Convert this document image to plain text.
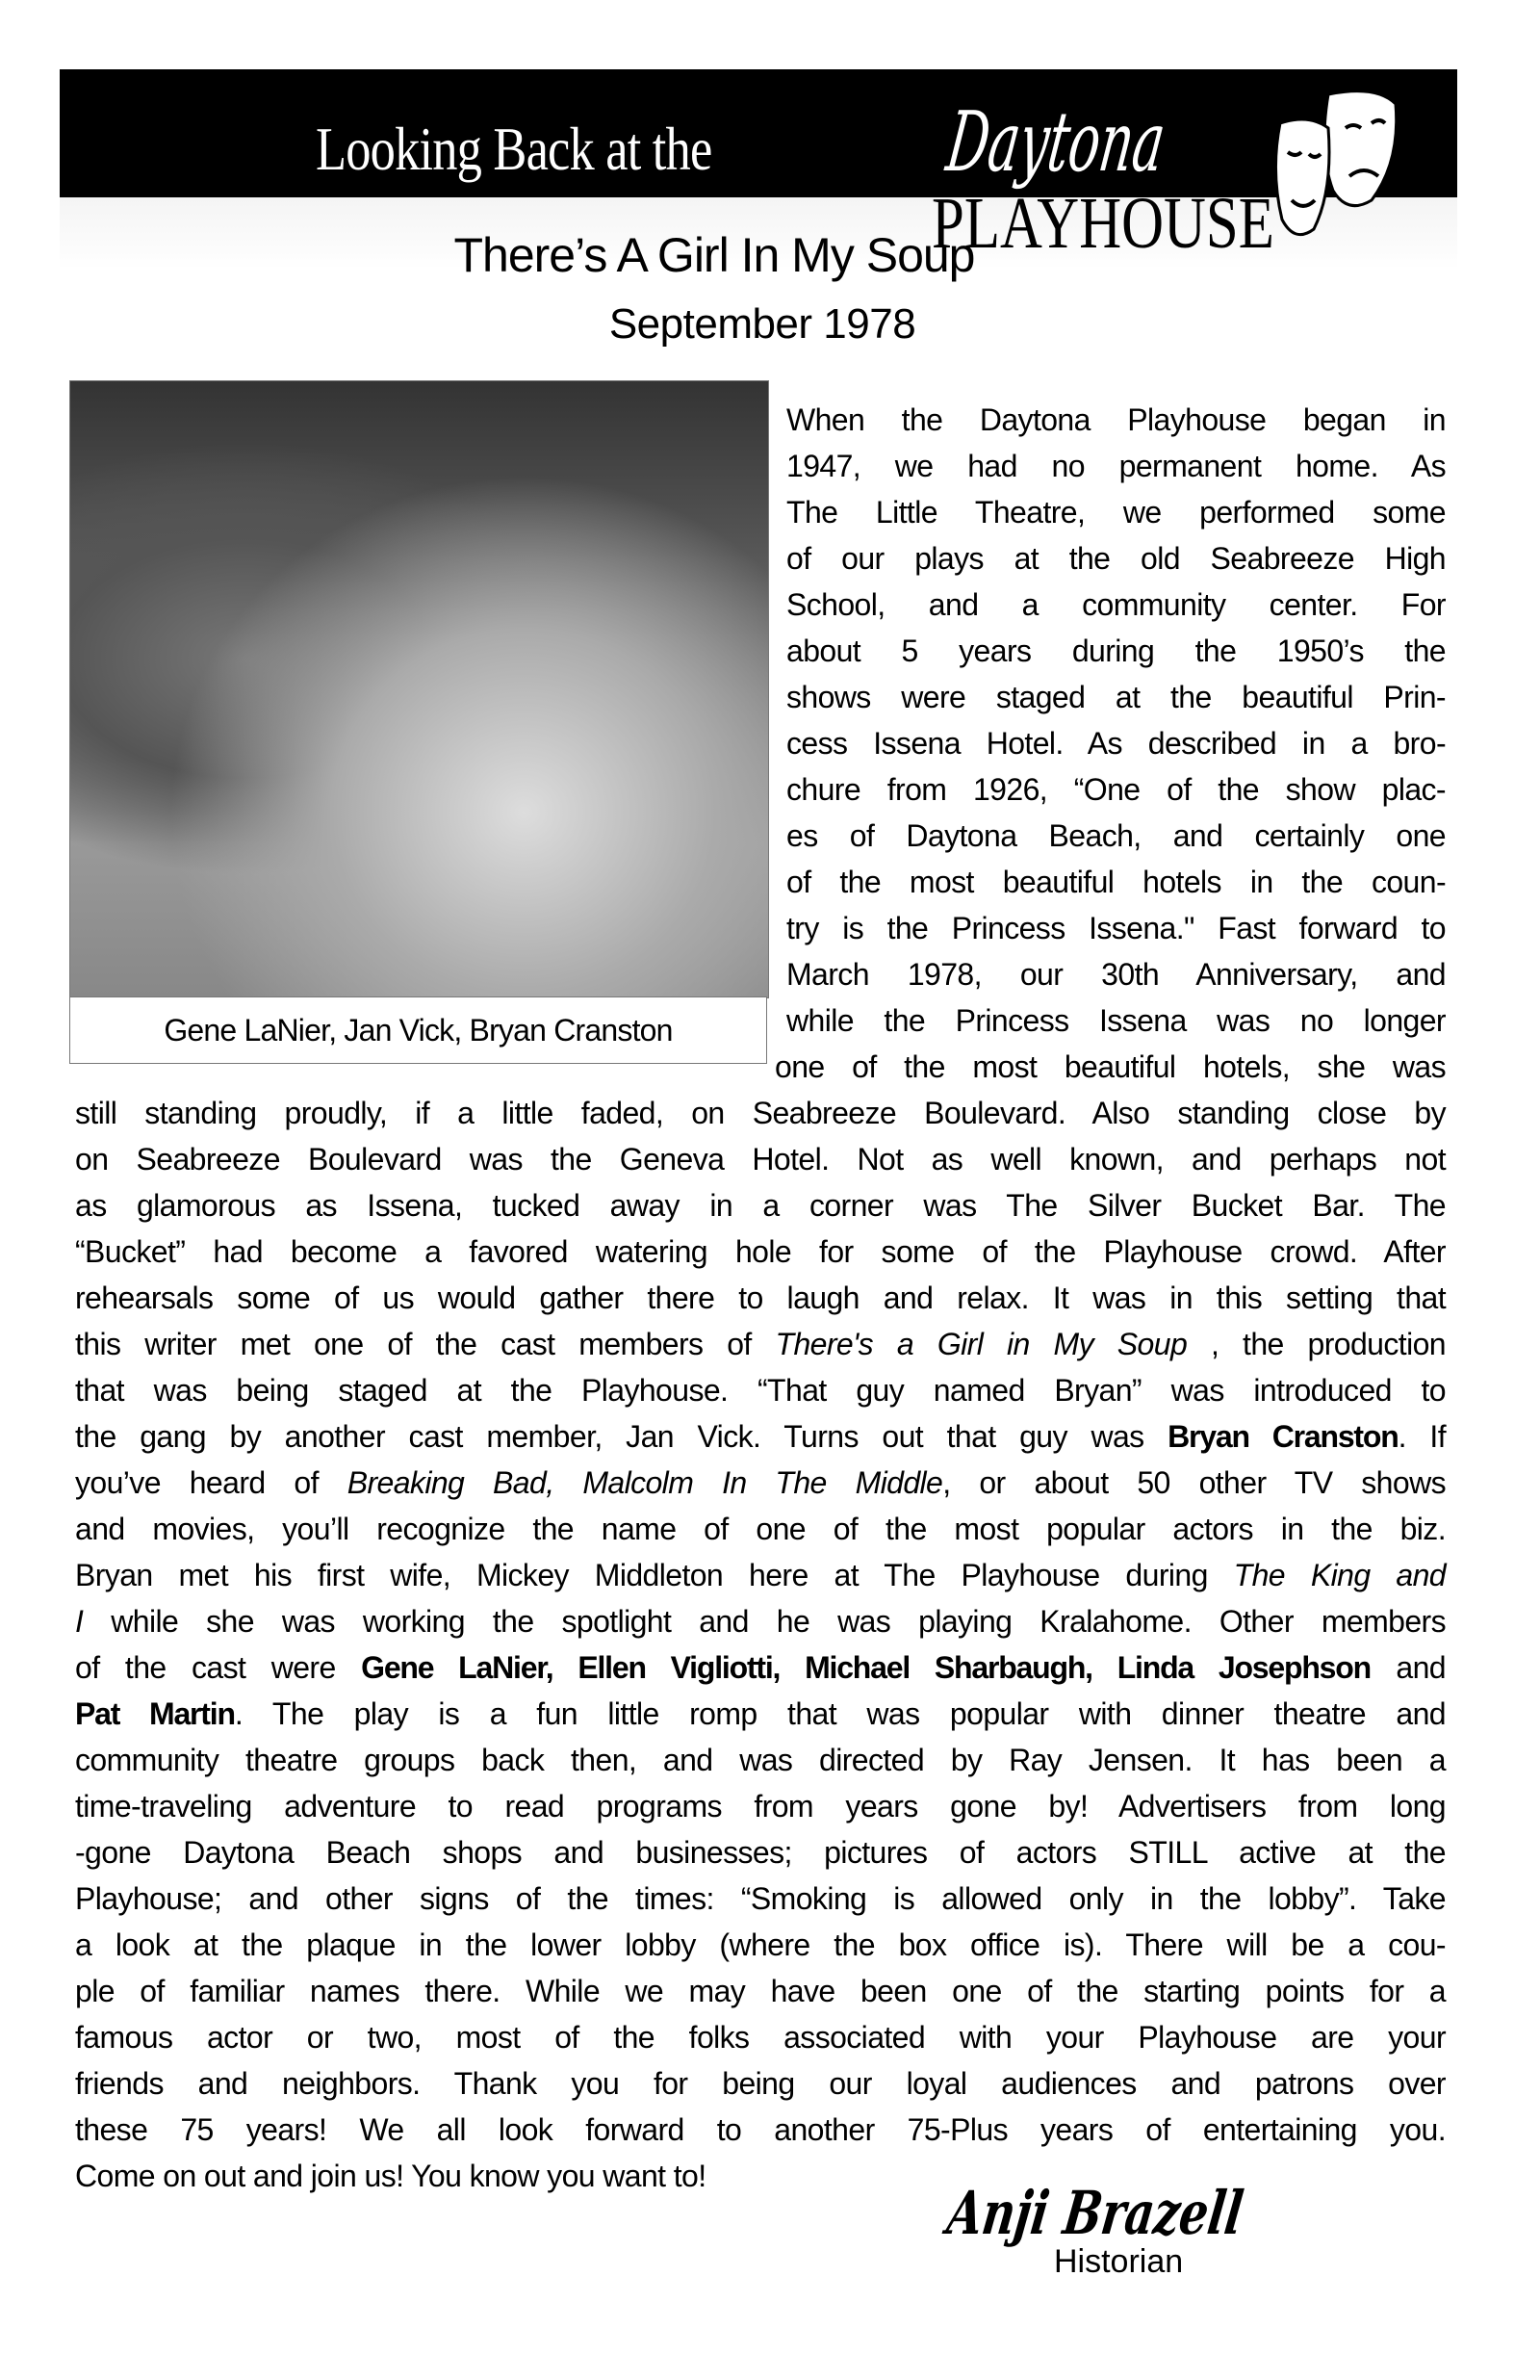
Looking Back at the	Daytona
PLAYHOUSE
There’s A Girl In My Soup
September 1978
Gene LaNier, Jan Vick, Bryan Cranston
When the Daytona Playhouse began in
1947, we had no permanent home. As
The Little Theatre, we performed some
of our plays at the old Seabreeze High
School, and a community center. For
about 5 years during the 1950’s the
shows were staged at the beautiful Prin-
cess Issena Hotel. As described in a bro-
chure from 1926, “One of the show plac-
es of Daytona Beach, and certainly one
of the most beautiful hotels in the coun-
try is the Princess Issena." Fast forward to
March 1978, our 30th Anniversary, and
while the Princess Issena was no longer
one of the most beautiful hotels, she was
still standing proudly, if a little faded, on Seabreeze Boulevard. Also standing close by
on Seabreeze Boulevard was the Geneva Hotel. Not as well known, and perhaps not
as glamorous as Issena, tucked away in a corner was The Silver Bucket Bar. The
“Bucket” had become a favored watering hole for some of the Playhouse crowd. After
rehearsals some of us would gather there to laugh and relax. It was in this setting that
this writer met one of the cast members of There's a Girl in My Soup , the production
that was being staged at the Playhouse. “That guy named Bryan” was introduced to
the gang by another cast member, Jan Vick. Turns out that guy was Bryan Cranston. If
you’ve heard of Breaking Bad, Malcolm In The Middle, or about 50 other TV shows
and movies, you’ll recognize the name of one of the most popular actors in the biz.
Bryan met his first wife, Mickey Middleton here at The Playhouse during The King and
I while she was working the spotlight and he was playing Kralahome. Other members
of the cast were Gene LaNier, Ellen Vigliotti, Michael Sharbaugh, Linda Josephson and
Pat Martin. The play is a fun little romp that was popular with dinner theatre and
community theatre groups back then, and was directed by Ray Jensen. It has been a
time-traveling adventure to read programs from years gone by! Advertisers from long
-gone Daytona Beach shops and businesses; pictures of actors STILL active at the
Playhouse; and other signs of the times: “Smoking is allowed only in the lobby”. Take
a look at the plaque in the lower lobby (where the box office is). There will be a cou-
ple of familiar names there. While we may have been one of the starting points for a
famous actor or two, most of the folks associated with your Playhouse are your
friends and neighbors. Thank you for being our loyal audiences and patrons over
these 75 years! We all look forward to another 75-Plus years of entertaining you.
Come on out and join us! You know you want to!
Anji Brazell
Historian
